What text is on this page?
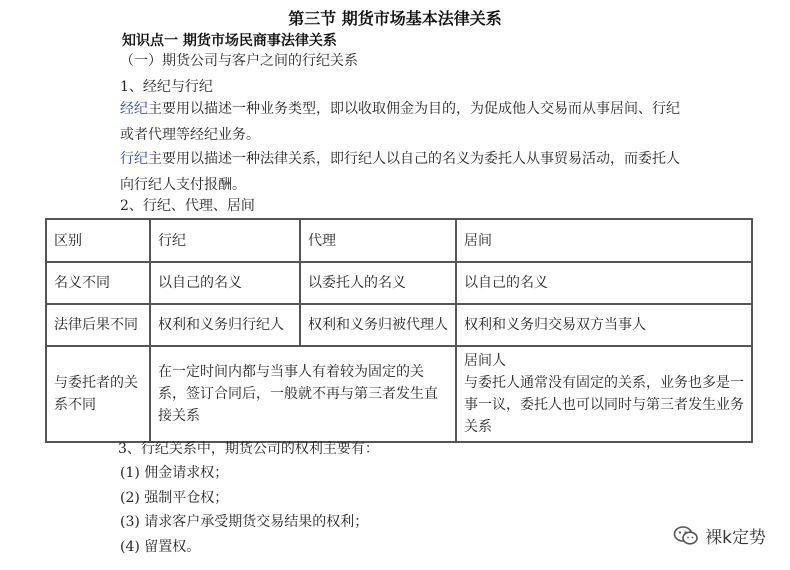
第三节 期货市场基本法律关系
知识点一 期货市场民商事法律关系
（一）期货公司与客户之间的行纪关系
1、经纪与行纪
经纪主要用以描述一种业务类型，即以收取佣金为目的，为促成他人交易而从事居间、行纪
或者代理等经纪业务。
行纪主要用以描述一种法律关系，即行纪人以自己的名义为委托人从事贸易活动，而委托人
向行纪人支付报酬。
2、行纪、代理、居间
区别	行纪	代理	居间
名义不同	以自己的名义	以委托人的名义	以自己的名义
法律后果不同	权利和义务归行纪人	权利和义务归被代理人	权利和义务归交易双方当事人
与委托者的关系不同	在一定时间内都与当事人有着较为固定的关系，签订合同后，一般就不再与第三者发生直接关系		居间人
与委托人通常没有固定的关系，业务也多是一事一议，委托人也可以同时与第三者发生业务关系
3、行纪关系中，期货公司的权利主要有：
(1) 佣金请求权；
(2) 强制平仓权；
(3) 请求客户承受期货交易结果的权利；
(4) 留置权。	裸k定势
